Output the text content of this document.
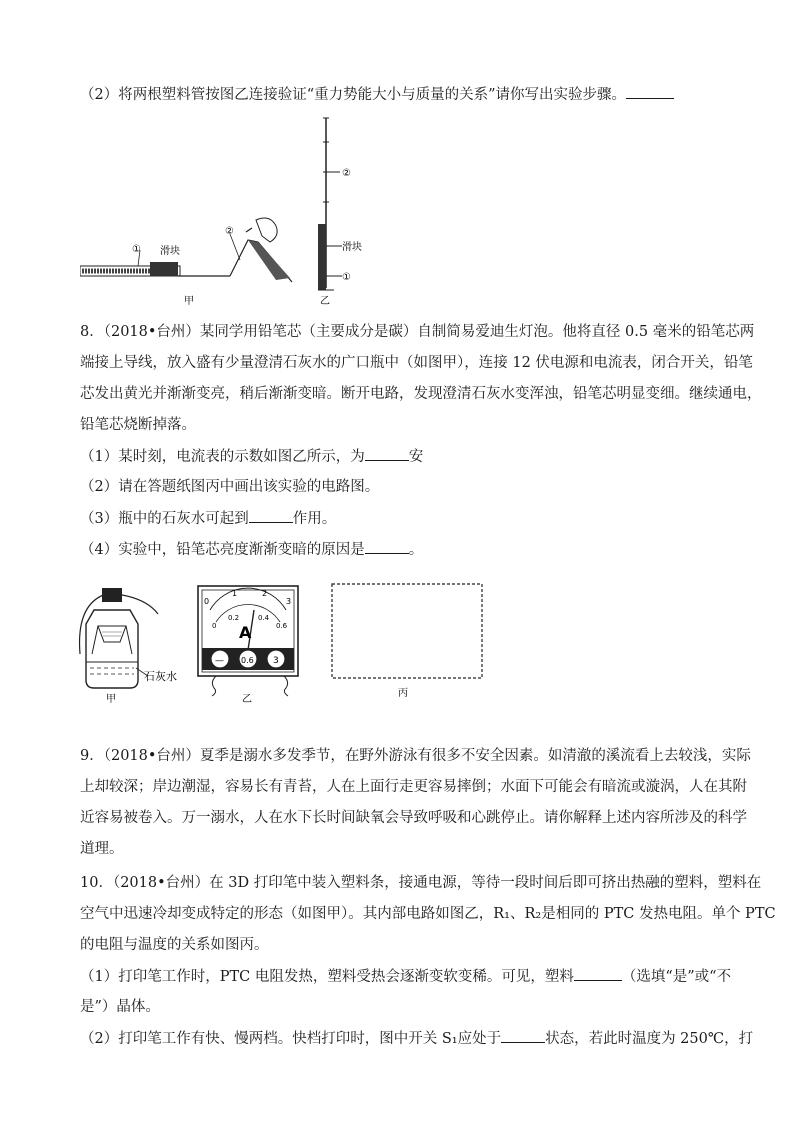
（2）将两根塑料管按图乙连接验证“重力势能大小与质量的关系”请你写出实验步骤。
① 滑块
②
甲
②
滑块
①
乙
8．（2018•台州）某同学用铅笔芯（主要成分是碳）自制简易爱迪生灯泡。他将直径 0.5 毫米的铅笔芯两
端接上导线，放入盛有少量澄清石灰水的广口瓶中（如图甲），连接 12 伏电源和电流表，闭合开关，铅笔
芯发出黄光并渐渐变亮，稍后渐渐变暗。断开电路，发现澄清石灰水变浑浊，铅笔芯明显变细。继续通电，
铅笔芯烧断掉落。
（1）某时刻，电流表的示数如图乙所示，为	安
（2）请在答题纸图丙中画出该实验的电路图。
（3）瓶中的石灰水可起到	作用。
（4）实验中，铅笔芯亮度渐渐变暗的原因是	。
石灰水
甲
0
1	2
3
0
0.2	0.4
0.6
A
— 0.6 3
乙
丙
9．（2018•台州）夏季是溺水多发季节，在野外游泳有很多不安全因素。如清澈的溪流看上去较浅，实际
上却较深；岸边潮湿，容易长有青苔，人在上面行走更容易摔倒；水面下可能会有暗流或漩涡，人在其附
近容易被卷入。万一溺水，人在水下长时间缺氧会导致呼吸和心跳停止。请你解释上述内容所涉及的科学
道理。
10．（2018•台州）在 3D 打印笔中装入塑料条，接通电源，等待一段时间后即可挤出热融的塑料，塑料在
空气中迅速冷却变成特定的形态（如图甲）。其内部电路如图乙，R₁、R₂是相同的 PTC 发热电阻。单个 PTC
的电阻与温度的关系如图丙。
（1）打印笔工作时，PTC 电阻发热，塑料受热会逐渐变软变稀。可见，塑料	（选填“是”或“不
是”）晶体。
（2）打印笔工作有快、慢两档。快档打印时，图中开关 S₁应处于	状态，若此时温度为 250℃，打
